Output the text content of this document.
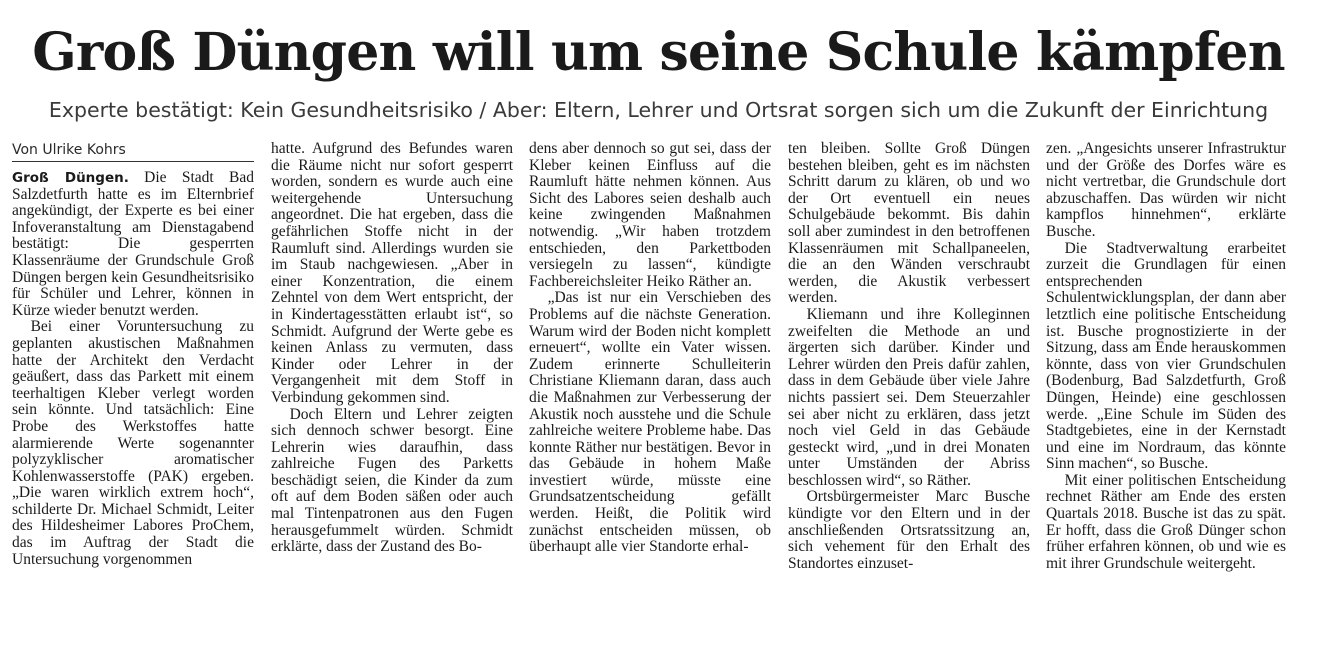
Groß Düngen will um seine Schule kämpfen
Experte bestätigt: Kein Gesundheitsrisiko / Aber: Eltern, Lehrer und Ortsrat sorgen sich um die Zukunft der Einrichtung
Von Ulrike Kohrs

Groß Düngen. Die Stadt Bad Salzdetfurth hatte es im Elternbrief angekündigt, der Experte es bei einer Infoveranstaltung am Dienstagabend bestätigt: Die gesperrten Klassenräume der Grundschule Groß Düngen bergen kein Gesundheitsrisiko für Schüler und Lehrer, können in Kürze wieder benutzt werden.

Bei einer Voruntersuchung zu geplanten akustischen Maßnahmen hatte der Architekt den Verdacht geäußert, dass das Parkett mit einem teerhaltigen Kleber verlegt worden sein könnte. Und tatsächlich: Eine Probe des Werkstoffes hatte alarmierende Werte sogenannter polyzyklischer aromatischer Kohlenwasserstoffe (PAK) ergeben. „Die waren wirklich extrem hoch“, schilderte Dr. Michael Schmidt, Leiter des Hildesheimer Labores ProChem, das im Auftrag der Stadt die Untersuchung vorgenommen

hatte. Aufgrund des Befundes waren die Räume nicht nur sofort gesperrt worden, sondern es wurde auch eine weitergehende Untersuchung angeordnet. Die hat ergeben, dass die gefährlichen Stoffe nicht in der Raumluft sind. Allerdings wurden sie im Staub nachgewiesen. „Aber in einer Konzentration, die einem Zehntel von dem Wert entspricht, der in Kindertagesstätten erlaubt ist“, so Schmidt. Aufgrund der Werte gebe es keinen Anlass zu vermuten, dass Kinder oder Lehrer in der Vergangenheit mit dem Stoff in Verbindung gekommen sind.

Doch Eltern und Lehrer zeigten sich dennoch schwer besorgt. Eine Lehrerin wies daraufhin, dass zahlreiche Fugen des Parketts beschädigt seien, die Kinder da zum oft auf dem Boden säßen oder auch mal Tintenpatronen aus den Fugen herausgefummelt würden. Schmidt erklärte, dass der Zustand des Bo-

dens aber dennoch so gut sei, dass der Kleber keinen Einfluss auf die Raumluft hätte nehmen können. Aus Sicht des Labores seien deshalb auch keine zwingenden Maßnahmen notwendig. „Wir haben trotzdem entschieden, den Parkettboden versiegeln zu lassen“, kündigte Fachbereichsleiter Heiko Räther an.

„Das ist nur ein Verschieben des Problems auf die nächste Generation. Warum wird der Boden nicht komplett erneuert“, wollte ein Vater wissen. Zudem erinnerte Schulleiterin Christiane Kliemann daran, dass auch die Maßnahmen zur Verbesserung der Akustik noch ausstehe und die Schule zahlreiche weitere Probleme habe. Das konnte Räther nur bestätigen. Bevor in das Gebäude in hohem Maße investiert würde, müsste eine Grundsatzentscheidung gefällt werden. Heißt, die Politik wird zunächst entscheiden müssen, ob überhaupt alle vier Standorte erhal-

ten bleiben. Sollte Groß Düngen bestehen bleiben, geht es im nächsten Schritt darum zu klären, ob und wo der Ort eventuell ein neues Schulgebäude bekommt. Bis dahin soll aber zumindest in den betroffenen Klassenräumen mit Schallpaneelen, die an den Wänden verschraubt werden, die Akustik verbessert werden.

Kliemann und ihre Kolleginnen zweifelten die Methode an und ärgerten sich darüber. Kinder und Lehrer würden den Preis dafür zahlen, dass in dem Gebäude über viele Jahre nichts passiert sei. Dem Steuerzahler sei aber nicht zu erklären, dass jetzt noch viel Geld in das Gebäude gesteckt wird, „und in drei Monaten unter Umständen der Abriss beschlossen wird“, so Räther.

Ortsbürgermeister Marc Busche kündigte vor den Eltern und in der anschließenden Ortsratssitzung an, sich vehement für den Erhalt des Standortes einzuset-

zen. „Angesichts unserer Infrastruktur und der Größe des Dorfes wäre es nicht vertretbar, die Grundschule dort abzuschaffen. Das würden wir nicht kampflos hinnehmen“, erklärte Busche.

Die Stadtverwaltung erarbeitet zurzeit die Grundlagen für einen entsprechenden Schulentwicklungsplan, der dann aber letztlich eine politische Entscheidung ist. Busche prognostizierte in der Sitzung, dass am Ende herauskommen könnte, dass von vier Grundschulen (Bodenburg, Bad Salzdetfurth, Groß Düngen, Heinde) eine geschlossen werde. „Eine Schule im Süden des Stadtgebietes, eine in der Kernstadt und eine im Nordraum, das könnte Sinn machen“, so Busche.

Mit einer politischen Entscheidung rechnet Räther am Ende des ersten Quartals 2018. Busche ist das zu spät. Er hofft, dass die Groß Dünger schon früher erfahren können, ob und wie es mit ihrer Grundschule weitergeht.
